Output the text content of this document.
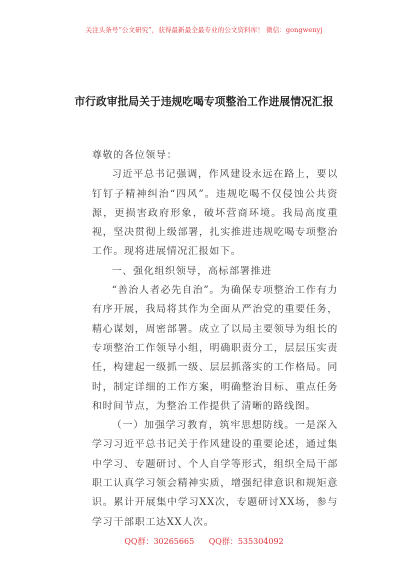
关注头条号“公文研究”，获得最新最全最专业的公文资料库！ 微信：gongwenyj
市行政审批局关于违规吃喝专项整治工作进展情况汇报

尊敬的各位领导：

习近平总书记强调，作风建设永远在路上，要以钉钉子精神纠治“四风”。违规吃喝不仅侵蚀公共资源，更损害政府形象，破坏营商环境。我局高度重视，坚决贯彻上级部署，扎实推进违规吃喝专项整治工作。现将进展情况汇报如下。

一、强化组织领导，高标部署推进

“善治人者必先自治”。为确保专项整治工作有力有序开展，我局将其作为全面从严治党的重要任务，精心谋划，周密部署。成立了以局主要领导为组长的专项整治工作领导小组，明确职责分工，层层压实责任，构建起一级抓一级、层层抓落实的工作格局。同时，制定详细的工作方案，明确整治目标、重点任务和时间节点，为整治工作提供了清晰的路线图。

（一）加强学习教育，筑牢思想防线。一是深入学习习近平总书记关于作风建设的重要论述，通过集中学习、专题研讨、个人自学等形式，组织全局干部职工认真学习领会精神实质，增强纪律意识和规矩意识。累计开展集中学习XX次，专题研讨XX场，参与学习干部职工达XX人次。

QQ群：30265665 QQ群：535304092
